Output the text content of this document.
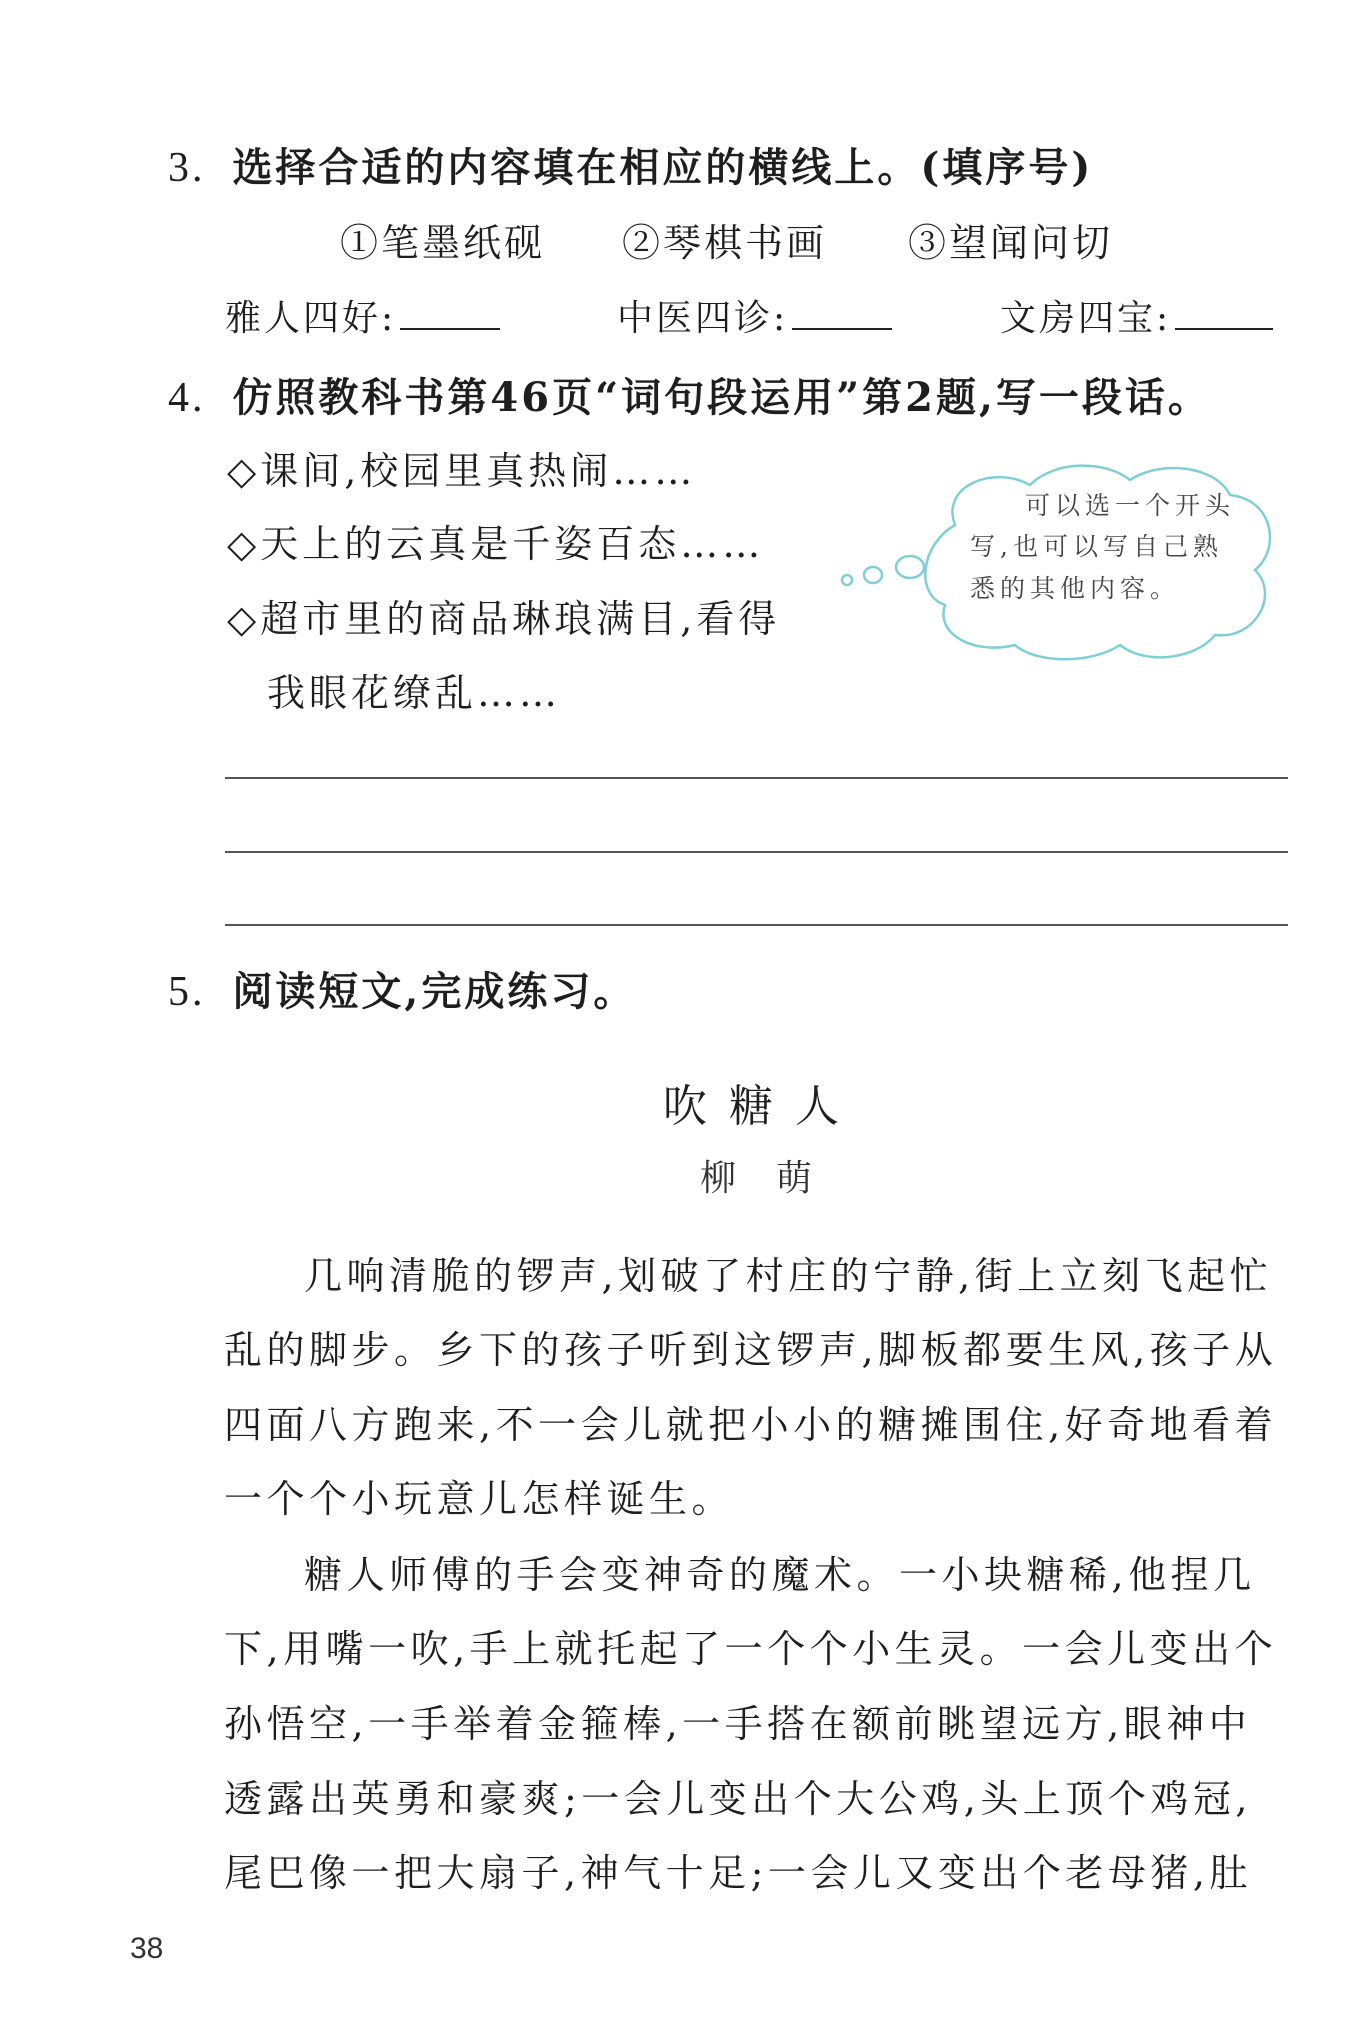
3. 选择合适的内容填在相应的横线上。(填序号)
①笔墨纸砚 ②琴棋书画 ③望闻问切
雅人四好:	中医四诊:	文房四宝:
4. 仿照教科书第46页“词句段运用”第2题,写一段话。
◇课间,校园里真热闹……
◇天上的云真是千姿百态……
◇超市里的商品琳琅满目,看得
我眼花缭乱……
可以选一个开头
写,也可以写自己熟
悉的其他内容。
5. 阅读短文,完成练习。
吹糖人
柳萌
几响清脆的锣声,划破了村庄的宁静,街上立刻飞起忙
乱的脚步。乡下的孩子听到这锣声,脚板都要生风,孩子从
四面八方跑来,不一会儿就把小小的糖摊围住,好奇地看着
一个个小玩意儿怎样诞生。
糖人师傅的手会变神奇的魔术。一小块糖稀,他捏几
下,用嘴一吹,手上就托起了一个个小生灵。一会儿变出个
孙悟空,一手举着金箍棒,一手搭在额前眺望远方,眼神中
透露出英勇和豪爽;一会儿变出个大公鸡,头上顶个鸡冠,
尾巴像一把大扇子,神气十足;一会儿又变出个老母猪,肚
38
